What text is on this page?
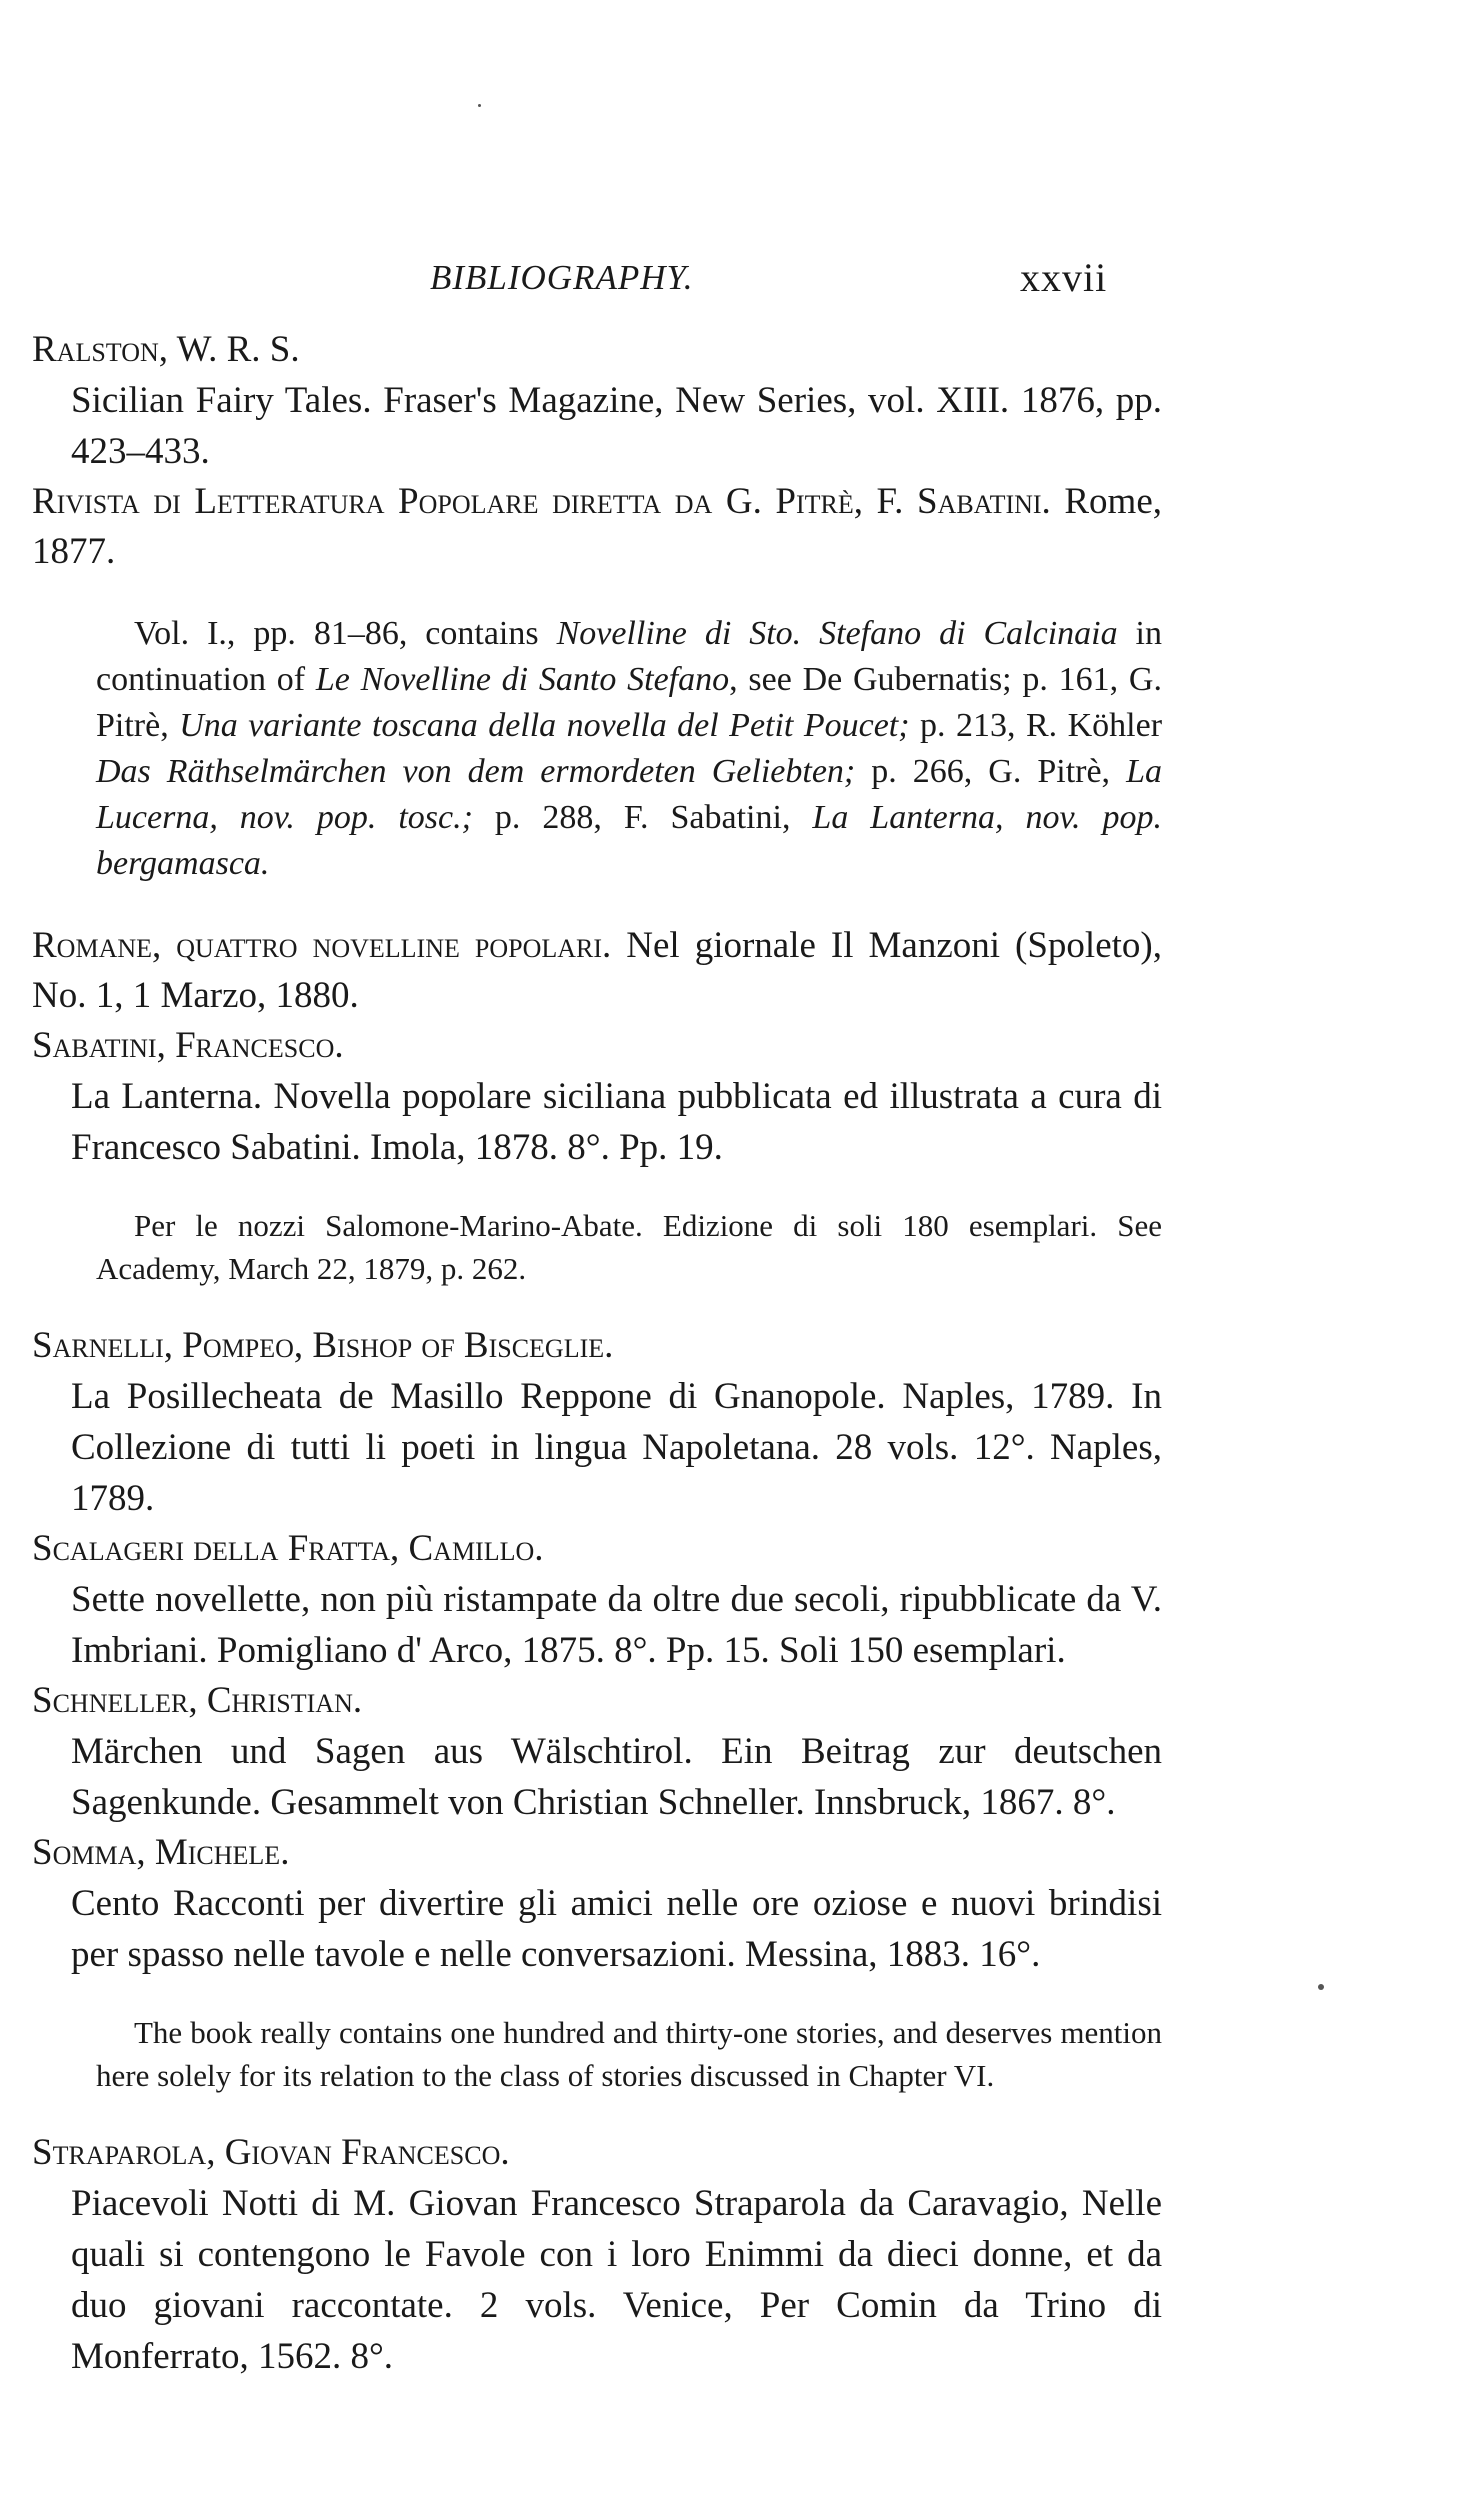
BIBLIOGRAPHY.	xxvii

Ralston, W. R. S.

Sicilian Fairy Tales. Fraser's Magazine, New Series, vol. XIII. 1876, pp. 423–433.

Rivista di Letteratura Popolare diretta da G. Pitrè, F. Sabatini. Rome, 1877.

Vol. I., pp. 81–86, contains Novelline di Sto. Stefano di Calcinaia in continuation of Le Novelline di Santo Stefano, see De Gubernatis; p. 161, G. Pitrè, Una variante toscana della novella del Petit Poucet; p. 213, R. Köhler Das Räthselmärchen von dem ermordeten Geliebten; p. 266, G. Pitrè, La Lucerna, nov. pop. tosc.; p. 288, F. Sabatini, La Lanterna, nov. pop. bergamasca.

Romane, quattro novelline popolari. Nel giornale Il Manzoni (Spoleto), No. 1, 1 Marzo, 1880.

Sabatini, Francesco.

La Lanterna. Novella popolare siciliana pubblicata ed illustrata a cura di Francesco Sabatini. Imola, 1878. 8°. Pp. 19.

Per le nozzi Salomone-Marino-Abate. Edizione di soli 180 esemplari. See Academy, March 22, 1879, p. 262.

Sarnelli, Pompeo, Bishop of Bisceglie.

La Posillecheata de Masillo Reppone di Gnanopole. Naples, 1789. In Collezione di tutti li poeti in lingua Napoletana. 28 vols. 12°. Naples, 1789.

Scalageri della Fratta, Camillo.

Sette novellette, non più ristampate da oltre due secoli, ripubblicate da V. Imbriani. Pomigliano d' Arco, 1875. 8°. Pp. 15. Soli 150 esemplari.

Schneller, Christian.

Märchen und Sagen aus Wälschtirol. Ein Beitrag zur deutschen Sagenkunde. Gesammelt von Christian Schneller. Innsbruck, 1867. 8°.

Somma, Michele.

Cento Racconti per divertire gli amici nelle ore oziose e nuovi brindisi per spasso nelle tavole e nelle conversazioni. Messina, 1883. 16°.

The book really contains one hundred and thirty-one stories, and deserves mention here solely for its relation to the class of stories discussed in Chapter VI.

Straparola, Giovan Francesco.

Piacevoli Notti di M. Giovan Francesco Straparola da Caravagio, Nelle quali si contengono le Favole con i loro Enimmi da dieci donne, et da duo giovani raccontate. 2 vols. Venice, Per Comin da Trino di Monferrato, 1562. 8°.
